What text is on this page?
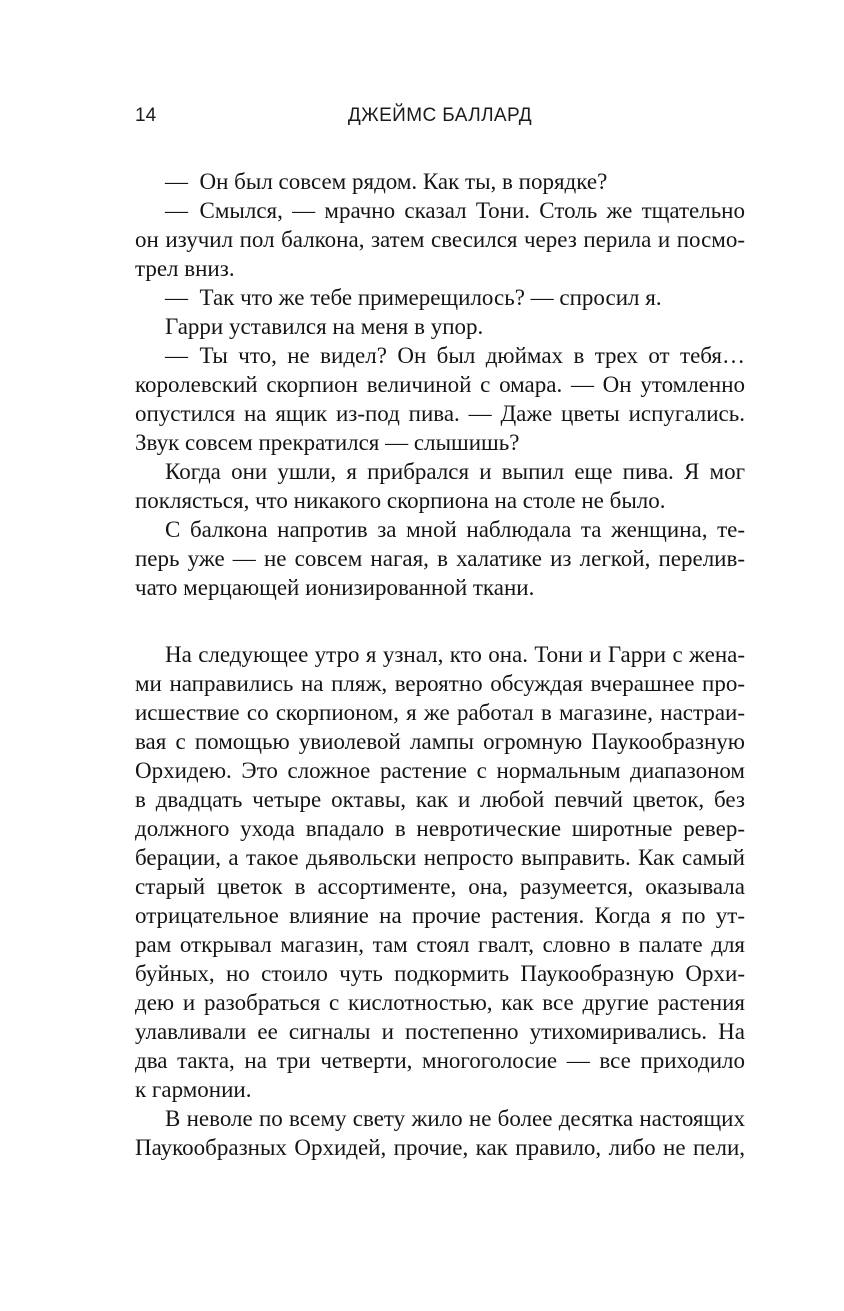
14	ДЖЕЙМС БАЛЛАРД
— Он был совсем рядом. Как ты, в порядке?
— Смылся, — мрачно сказал Тони. Столь же тщательно
он изучил пол балкона, затем свесился через перила и посмо-
трел вниз.
— Так что же тебе примерещилось? — спросил я.
Гарри уставился на меня в упор.
— Ты что, не видел? Он был дюймах в трех от тебя…
королевский скорпион величиной с омара. — Он утомленно
опустился на ящик из-под пива. — Даже цветы испугались.
Звук совсем прекратился — слышишь?
Когда они ушли, я прибрался и выпил еще пива. Я мог
поклясться, что никакого скорпиона на столе не было.
С балкона напротив за мной наблюдала та женщина, те-
перь уже — не совсем нагая, в халатике из легкой, перелив-
чато мерцающей ионизированной ткани.
На следующее утро я узнал, кто она. Тони и Гарри с жена-
ми направились на пляж, вероятно обсуждая вчерашнее про-
исшествие со скорпионом, я же работал в магазине, настраи-
вая с помощью увиолевой лампы огромную Паукообразную
Орхидею. Это сложное растение с нормальным диапазоном
в двадцать четыре октавы, как и любой певчий цветок, без
должного ухода впадало в невротические широтные ревер-
берации, а такое дьявольски непросто выправить. Как самый
старый цветок в ассортименте, она, разумеется, оказывала
отрицательное влияние на прочие растения. Когда я по ут-
рам открывал магазин, там стоял гвалт, словно в палате для
буйных, но стоило чуть подкормить Паукообразную Орхи-
дею и разобраться с кислотностью, как все другие растения
улавливали ее сигналы и постепенно утихомиривались. На
два такта, на три четверти, многоголосие — все приходило
к гармонии.
В неволе по всему свету жило не более десятка настоящих
Паукообразных Орхидей, прочие, как правило, либо не пели,
